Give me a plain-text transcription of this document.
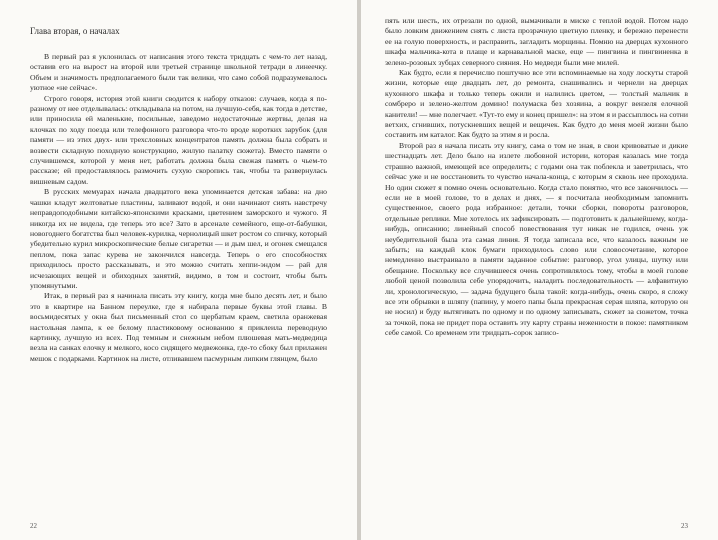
Глава вторая, о началах

В первый раз я уклонилась от написания этого текста тридцать с чем-то лет назад, оставив его на вырост на второй или третьей странице школьной тетради в линеечку. Объем и значимость предполагаемого были так велики, что само собой подразумевалось уютное «не сейчас».

Строго говоря, история этой книги сводится к набору отказов: случаев, когда я по-разному от нее отделывалась: откладывала на потом, на лучшую-себя, как тогда в детстве, или приносила ей маленькие, посильные, заведомо недостаточные жертвы, делая на клочках по ходу поезда или телефонного разговора что-то вроде коротких зарубок (для памяти — из этих двух- или трехсловных концентратов память должна была собрать и возвести складную походную конструкцию, жилую палатку сюжета). Вместо памяти о случившемся, которой у меня нет, работать должна была свежая память о чьем-то рассказе; ей предоставлялось размочить сухую скоропись так, чтобы та развернулась вишневым садом.

В русских мемуарах начала двадцатого века упоминается детская забава: на дно чашки кладут желтоватые пластины, заливают водой, и они начинают сиять навстречу неправдоподобными китайско-японскими красками, цветением заморского и чужого. Я никогда их не видела, где теперь это все? Зато в арсенале семейного, еще-от-бабушки, новогоднего богатства был человек-курилка, чернолицый шкет ростом со спичку, который убедительно курил микроскопические белые сигаретки — и дым шел, и огонек смещался пеплом, пока запас курева не закончился навсегда. Теперь о его способностях приходилось просто рассказывать, и это можно считать хеппи-эндом — рай для исчезающих вещей и обиходных занятий, видимо, в том и состоит, чтобы быть упомянутыми.

Итак, в первый раз я начинала писать эту книгу, когда мне было десять лет, и было это в квартире на Банном переулке, где я набирала первые буквы этой главы. В восьмидесятых у окна был письменный стол со щербатым краем, светила оранжевая настольная лампа, к ее белому пластиковому основанию я приклеила переводную картинку, лучшую из всех. Под темным и снежным небом плюшевая мать-медведица везла на санках елочку и мелкого, косо сидящего медвежонка, где-то сбоку был прилажен мешок с подарками. Картинок на листе, отливавшем пасмурным липким глянцем, было

22

пять или шесть, их отрезали по одной, вымачивали в миске с теплой водой. Потом надо было ловким движением снять с листа прозрачную цветную пленку, и бережно перенести ее на голую поверхность, и расправить, загладить морщины. Помню на дверцах кухонного шкафа мальчика-кота в плаще и карнавальной маске, еще — пингвина и пингвиненка в зелено-розовых зубцах северного сияния. Но медведи были мне милей.

Как будто, если я перечислю поштучно все эти вспоминаемые на ходу лоскуты старой жизни, которые еще двадцать лет, до ремонта, снашивались и чернели на дверцах кухонного шкафа и только теперь ожили и налились цветом, — толстый мальчик в сомбреро и зелено-желтом домино! полумаска без хозяина, а вокруг вензеля елочной канители! — мне полегчает. «Тут-то ему и конец пришел»: на этом я и рассыплюсь на сотни ветхих, сгнивших, потускневших вещей и вещичек. Как будто до меня моей жизни было составить им каталог. Как будто за этим я и росла.

Второй раз я начала писать эту книгу, сама о том не зная, в свои кривоватые и дикие шестнадцать лет. Дело было на излете любовной истории, которая казалась мне тогда страшно важной, имеющей все определить; с годами она так поблекла и заветрилась, что сейчас уже и не восстановить то чувство начала-конца, с которым я сквозь нее проходила. Но один сюжет я помню очень основательно. Когда стало понятно, что все закончилось — если не в моей голове, то в делах и днях, — я посчитала необходимым запомнить существенное, своего рода избранное: детали, точки сборки, повороты разговоров, отдельные реплики. Мне хотелось их зафиксировать — подготовить к дальнейшему, когда-нибудь, описанию; линейный способ повествования тут никак не годился, очень уж неубедительной была эта самая линия. Я тогда записала все, что казалось важным не забыть; на каждый клок бумаги приходилось слово или словосочетание, которое немедленно выстраивало в памяти заданное событие: разговор, угол улицы, шутку или обещание. Поскольку все случившееся очень сопротивлялось тому, чтобы в моей голове любой ценой позволила себе упорядочить, наладить последовательность — алфавитную ли, хронологическую, — задача будущего была такой: когда-нибудь, очень скоро, я сложу все эти обрывки в шляпу (папину, у моего папы была прекрасная серая шляпа, которую он не носил) и буду вытягивать по одному и по одному записывать, сюжет за сюжетом, точка за точкой, пока не придет пора оставить эту карту страны неженности в покое: памятником себе самой. Со временем эти тридцать-сорок записо-

23
